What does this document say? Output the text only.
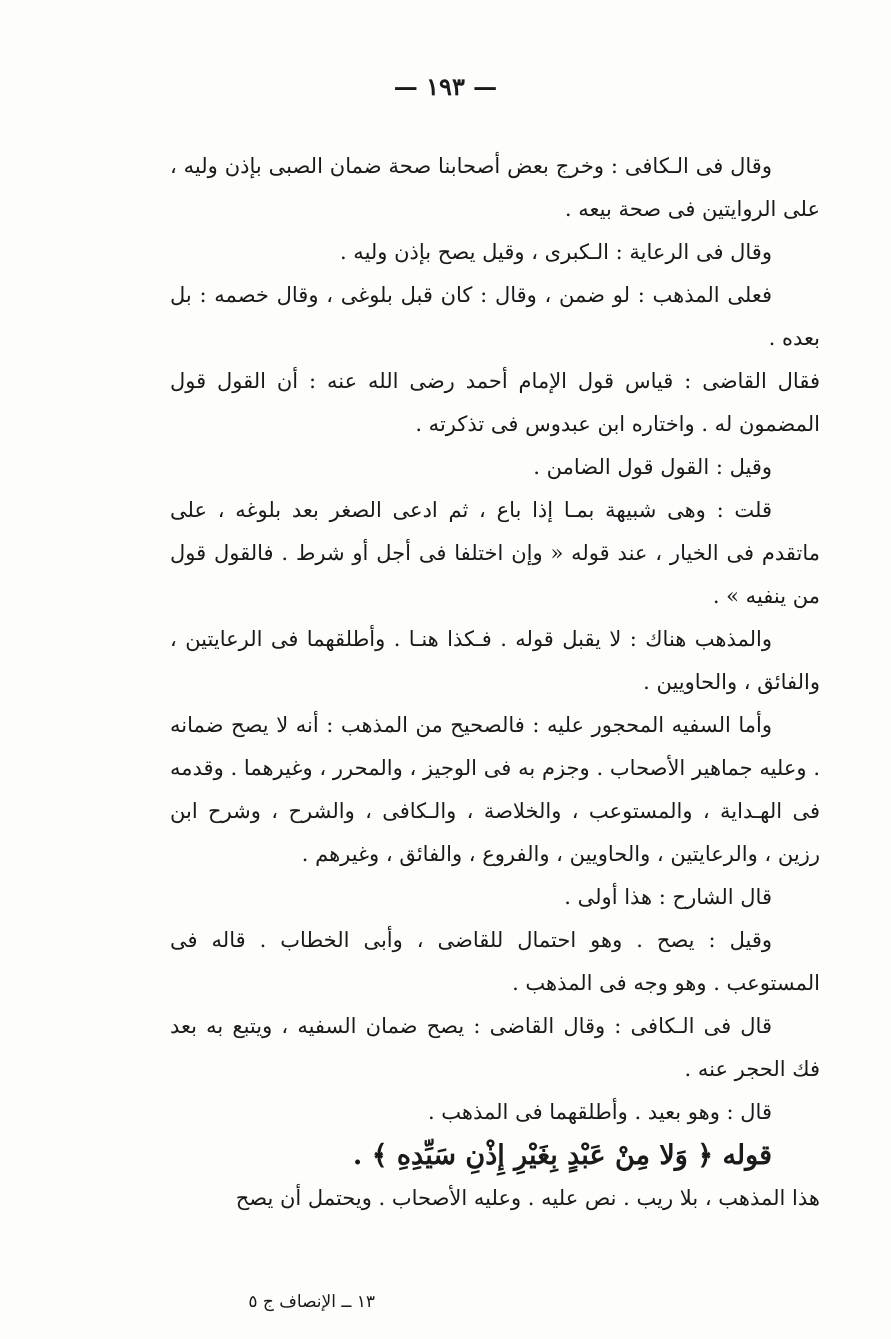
— ١٩٣ —

وقال فى الـكافى : وخرج بعض أصحابنا صحة ضمان الصبى بإذن وليه ، على الروايتين فى صحة بيعه .

وقال فى الرعاية : الـكبرى ، وقيل يصح بإذن وليه .

فعلى المذهب : لو ضمن ، وقال : كان قبل بلوغى ، وقال خصمه : بل بعده .

فقال القاضى : قياس قول الإمام أحمد رضى الله عنه : أن القول قول المضمون له . واختاره ابن عبدوس فى تذكرته .

وقيل : القول قول الضامن .

قلت : وهى شبيهة بمـا إذا باع ، ثم ادعى الصغر بعد بلوغه ، على ماتقدم فى الخيار ، عند قوله « وإن اختلفا فى أجل أو شرط . فالقول قول من ينفيه » .

والمذهب هناك : لا يقبل قوله . فـكذا هنـا . وأطلقهما فى الرعايتين ، والفائق ، والحاويين .

وأما السفيه المحجور عليه : فالصحيح من المذهب : أنه لا يصح ضمانه . وعليه جماهير الأصحاب . وجزم به فى الوجيز ، والمحرر ، وغيرهما . وقدمه فى الهـداية ، والمستوعب ، والخلاصة ، والـكافى ، والشرح ، وشرح ابن رزين ، والرعايتين ، والحاويين ، والفروع ، والفائق ، وغيرهم .

قال الشارح : هذا أولى .

وقيل : يصح . وهو احتمال للقاضى ، وأبى الخطاب . قاله فى المستوعب . وهو وجه فى المذهب .

قال فى الـكافى : وقال القاضى : يصح ضمان السفيه ، ويتبع به بعد فك الحجر عنه .

قال : وهو بعيد . وأطلقهما فى المذهب .

قوله ﴿ وَلا مِنْ عَبْدٍ بِغَيْرِ إِذْنِ سَيِّدِهِ ﴾ .

هذا المذهب ، بلا ريب . نص عليه . وعليه الأصحاب . ويحتمل أن يصح

١٣ ــ الإنصاف ج ٥
